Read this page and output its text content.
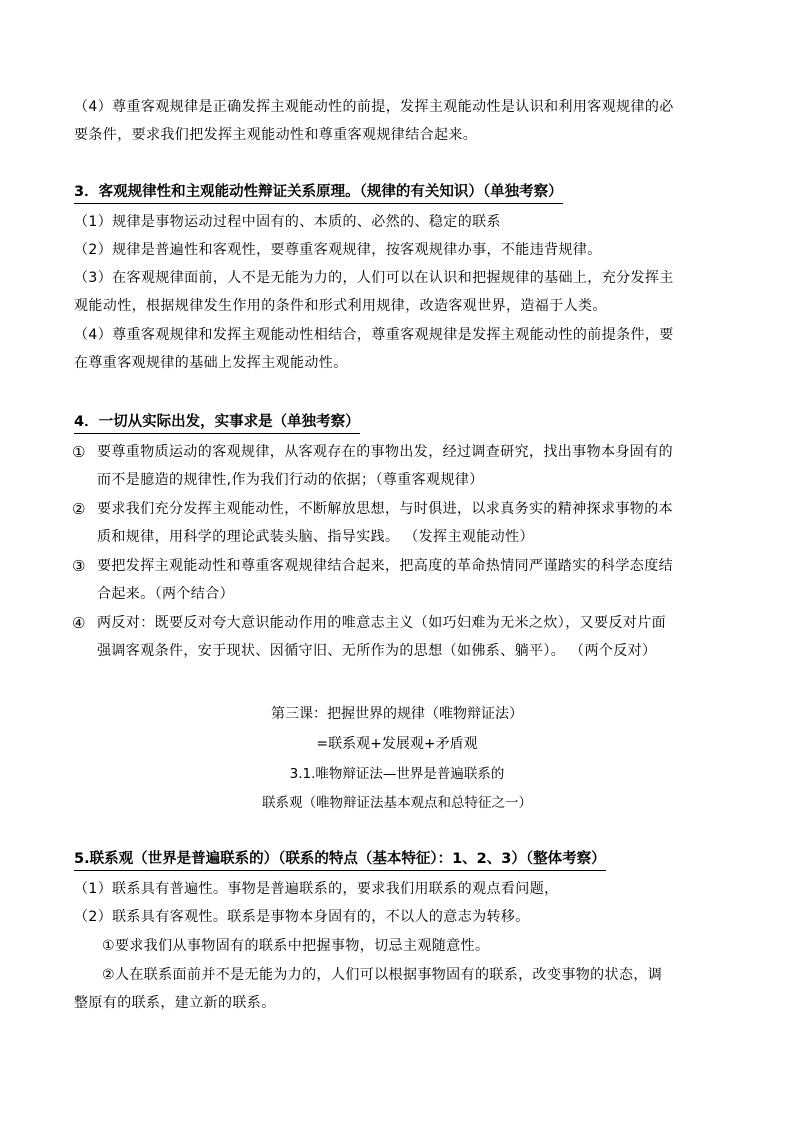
（4）尊重客观规律是正确发挥主观能动性的前提，发挥主观能动性是认识和利用客观规律的必
要条件，要求我们把发挥主观能动性和尊重客观规律结合起来。
3．客观规律性和主观能动性辩证关系原理。（规律的有关知识）（单独考察）
（1）规律是事物运动过程中固有的、本质的、必然的、稳定的联系
（2）规律是普遍性和客观性，要尊重客观规律，按客观规律办事，不能违背规律。
（3）在客观规律面前，人不是无能为力的，人们可以在认识和把握规律的基础上，充分发挥主
观能动性，根据规律发生作用的条件和形式利用规律，改造客观世界，造福于人类。
（4）尊重客观规律和发挥主观能动性相结合，尊重客观规律是发挥主观能动性的前提条件，要
在尊重客观规律的基础上发挥主观能动性。
4．一切从实际出发，实事求是（单独考察）
① 要尊重物质运动的客观规律，从客观存在的事物出发，经过调查研究，找出事物本身固有的
而不是臆造的规律性,作为我们行动的依据；（尊重客观规律）
② 要求我们充分发挥主观能动性，不断解放思想，与时俱进，以求真务实的精神探求事物的本
质和规律，用科学的理论武装头脑、指导实践。 （发挥主观能动性）
③ 要把发挥主观能动性和尊重客观规律结合起来，把高度的革命热情同严谨踏实的科学态度结
合起来。（两个结合）
④ 两反对：既要反对夸大意识能动作用的唯意志主义（如巧妇难为无米之炊），又要反对片面
强调客观条件，安于现状、因循守旧、无所作为的思想（如佛系、躺平）。 （两个反对）
第三课：把握世界的规律（唯物辩证法）
=联系观+发展观+矛盾观
3.1.唯物辩证法—世界是普遍联系的
联系观（唯物辩证法基本观点和总特征之一）
5.联系观（世界是普遍联系的）（联系的特点（基本特征）：1、2、3）（整体考察）
（1）联系具有普遍性。事物是普遍联系的，要求我们用联系的观点看问题，
（2）联系具有客观性。联系是事物本身固有的，不以人的意志为转移。
①要求我们从事物固有的联系中把握事物，切忌主观随意性。
②人在联系面前并不是无能为力的，人们可以根据事物固有的联系，改变事物的状态，调
整原有的联系，建立新的联系。
